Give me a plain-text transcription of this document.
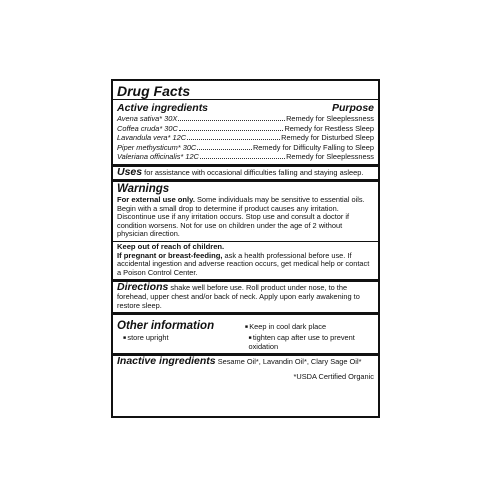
Drug Facts
Active ingredients	Purpose
Avena sativa* 30X	Remedy for Sleeplessness
Coffea cruda* 30C	Remedy for Restless Sleep
Lavandula vera* 12C	Remedy for Disturbed Sleep
Piper methysticum* 30C	Remedy for Difficulty Falling to Sleep
Valeriana officinalis* 12C	Remedy for Sleeplessness
Uses for assistance with occasional difficulties falling and staying asleep.
Warnings
For external use only. Some individuals may be sensitive to essential oils. Begin with a small drop to determine if product causes any irritation. Discontinue use if any irritation occurs. Stop use and consult a doctor if condition worsens. Not for use on children under the age of 2 without physician direction.
Keep out of reach of children.
If pregnant or breast-feeding, ask a health professional before use. If accidental ingestion and adverse reaction occurs, get medical help or contact a Poison Control Center.
Directions shake well before use. Roll product under nose, to the forehead, upper chest and/or back of neck. Apply upon early awakening to restore sleep.
Other information	■ Keep in cool dark place
■ store upright	■ tighten cap after use to prevent oxidation
Inactive ingredients Sesame Oil*, Lavandin Oil*, Clary Sage Oil*
*USDA Certified Organic
